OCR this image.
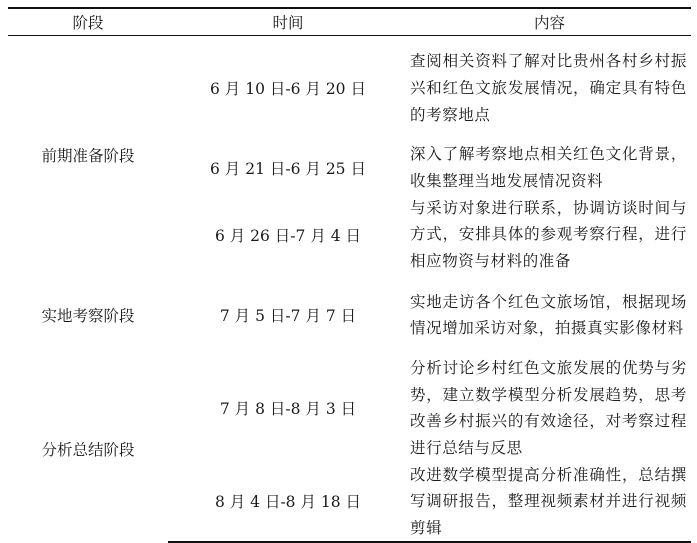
阶段	时间	内容
前期准备阶段	6 月 10 日-6 月 20 日	查阅相关资料了解对比贵州各村乡村振兴和红色文旅发展情况，确定具有特色的考察地点

	6 月 21 日-6 月 25 日	深入了解考察地点相关红色文化背景，收集整理当地发展情况资料

	6 月 26 日-7 月 4 日	与采访对象进行联系，协调访谈时间与方式，安排具体的参观考察行程，进行相应物资与材料的准备

实地考察阶段	7 月 5 日-7 月 7 日	实地走访各个红色文旅场馆，根据现场情况增加采访对象，拍摄真实影像材料

分析总结阶段	7 月 8 日-8 月 3 日	分析讨论乡村红色文旅发展的优势与劣势，建立数学模型分析发展趋势，思考改善乡村振兴的有效途径，对考察过程进行总结与反思

	8 月 4 日-8 月 18 日	改进数学模型提高分析准确性，总结撰写调研报告，整理视频素材并进行视频剪辑
